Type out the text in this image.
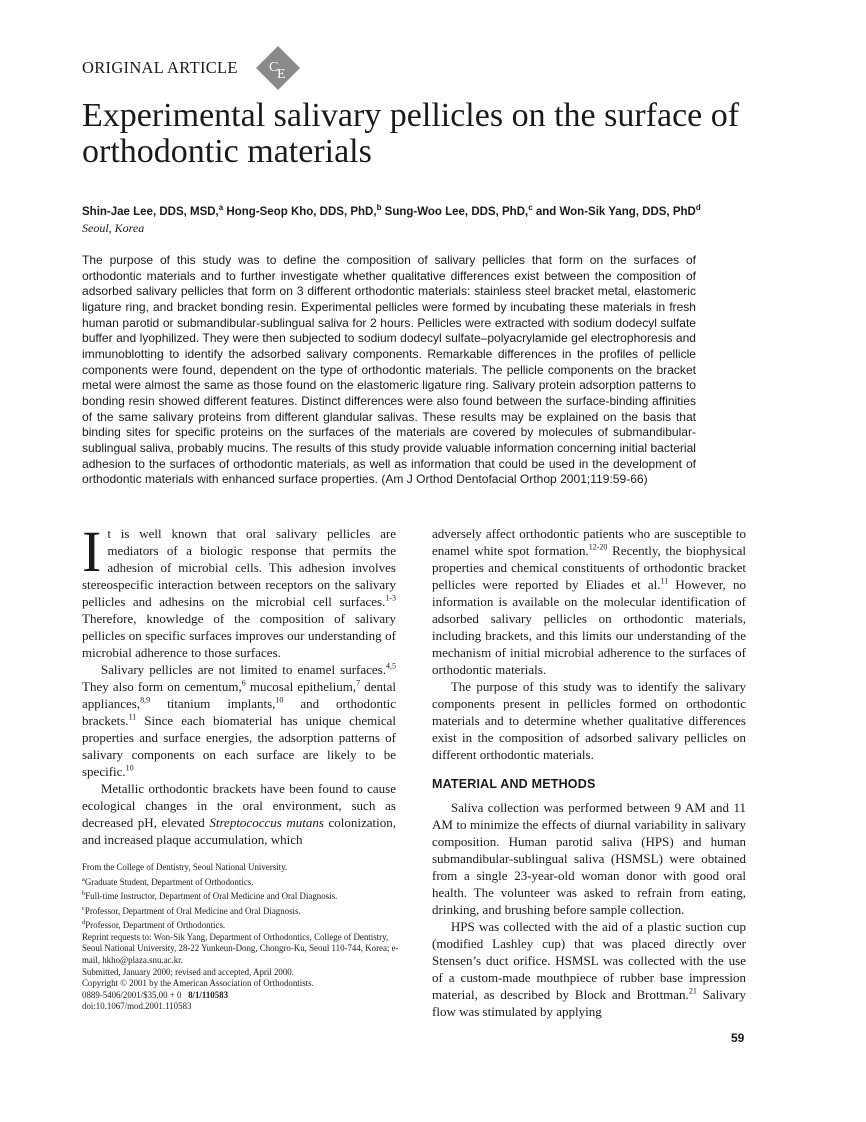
ORIGINAL ARTICLE C
E
Experimental salivary pellicles on the surface of orthodontic materials
Shin-Jae Lee, DDS, MSD,$^a$ Hong-Seop Kho, DDS, PhD,$^b$ Sung-Woo Lee, DDS, PhD,$^c$ and Won-Sik Yang, DDS, PhD$^d$
Seoul, Korea

The purpose of this study was to define the composition of salivary pellicles that form on the surfaces of orthodontic materials and to further investigate whether qualitative differences exist between the composition of adsorbed salivary pellicles that form on 3 different orthodontic materials: stainless steel bracket metal, elastomeric ligature ring, and bracket bonding resin. Experimental pellicles were formed by incubating these materials in fresh human parotid or submandibular-sublingual saliva for 2 hours. Pellicles were extracted with sodium dodecyl sulfate buffer and lyophilized. They were then subjected to sodium dodecyl sulfate–polyacrylamide gel electrophoresis and immunoblotting to identify the adsorbed salivary components. Remarkable differences in the profiles of pellicle components were found, dependent on the type of orthodontic materials. The pellicle components on the bracket metal were almost the same as those found on the elastomeric ligature ring. Salivary protein adsorption patterns to bonding resin showed different features. Distinct differences were also found between the surface-binding affinities of the same salivary proteins from different glandular salivas. These results may be explained on the basis that binding sites for specific proteins on the surfaces of the materials are covered by molecules of submandibular-sublingual saliva, probably mucins. The results of this study provide valuable information concerning initial bacterial adhesion to the surfaces of orthodontic materials, as well as information that could be used in the development of orthodontic materials with enhanced surface properties. (Am J Orthod Dentofacial Orthop 2001;119:59-66)

It is well known that oral salivary pellicles are mediators of a biologic response that permits the adhesion of microbial cells. This adhesion involves stereospecific interaction between receptors on the salivary pellicles and adhesins on the microbial cell surfaces.$^{1-3}$ Therefore, knowledge of the composition of salivary pellicles on specific surfaces improves our understanding of microbial adherence to those surfaces.

Salivary pellicles are not limited to enamel surfaces.$^{4,5}$ They also form on cementum,$^6$ mucosal epithelium,$^7$ dental appliances,$^{8,9}$ titanium implants,$^{10}$ and orthodontic brackets.$^{11}$ Since each biomaterial has unique chemical properties and surface energies, the adsorption patterns of salivary components on each surface are likely to be specific.$^{10}$

Metallic orthodontic brackets have been found to cause ecological changes in the oral environment, such as decreased pH, elevated Streptococcus mutans colonization, and increased plaque accumulation, which

adversely affect orthodontic patients who are susceptible to enamel white spot formation.$^{12-20}$ Recently, the biophysical properties and chemical constituents of orthodontic bracket pellicles were reported by Eliades et al.$^{11}$ However, no information is available on the molecular identification of adsorbed salivary pellicles on orthodontic materials, including brackets, and this limits our understanding of the mechanism of initial microbial adherence to the surfaces of orthodontic materials.

The purpose of this study was to identify the salivary components present in pellicles formed on orthodontic materials and to determine whether qualitative differences exist in the composition of adsorbed salivary pellicles on different orthodontic materials.

MATERIAL AND METHODS

Saliva collection was performed between 9 AM and 11 AM to minimize the effects of diurnal variability in salivary composition. Human parotid saliva (HPS) and human submandibular-sublingual saliva (HSMSL) were obtained from a single 23-year-old woman donor with good oral health. The volunteer was asked to refrain from eating, drinking, and brushing before sample collection.

HPS was collected with the aid of a plastic suction cup (modified Lashley cup) that was placed directly over Stensen’s duct orifice. HSMSL was collected with the use of a custom-made mouthpiece of rubber base impression material, as described by Block and Brottman.$^{21}$ Salivary flow was stimulated by applying

From the College of Dentistry, Seoul National University.
$^a$Graduate Student, Department of Orthodontics.
$^b$Full-time Instructor, Department of Oral Medicine and Oral Diagnosis.
$^c$Professor, Department of Oral Medicine and Oral Diagnosis.
$^d$Professor, Department of Orthodontics.
Reprint requests to: Won-Sik Yang, Department of Orthodontics, College of Dentistry, Seoul National University, 28-22 Yunkeun-Dong, Chongro-Ku, Seoul 110-744, Korea; e-mail, hkho@plaza.snu.ac.kr.
Submitted, January 2000; revised and accepted, April 2000.
Copyright © 2001 by the American Association of Orthodontists.
0889-5406/2001/$35.00 + 0 8/1/110583
doi:10.1067/mod.2001.110583
59
